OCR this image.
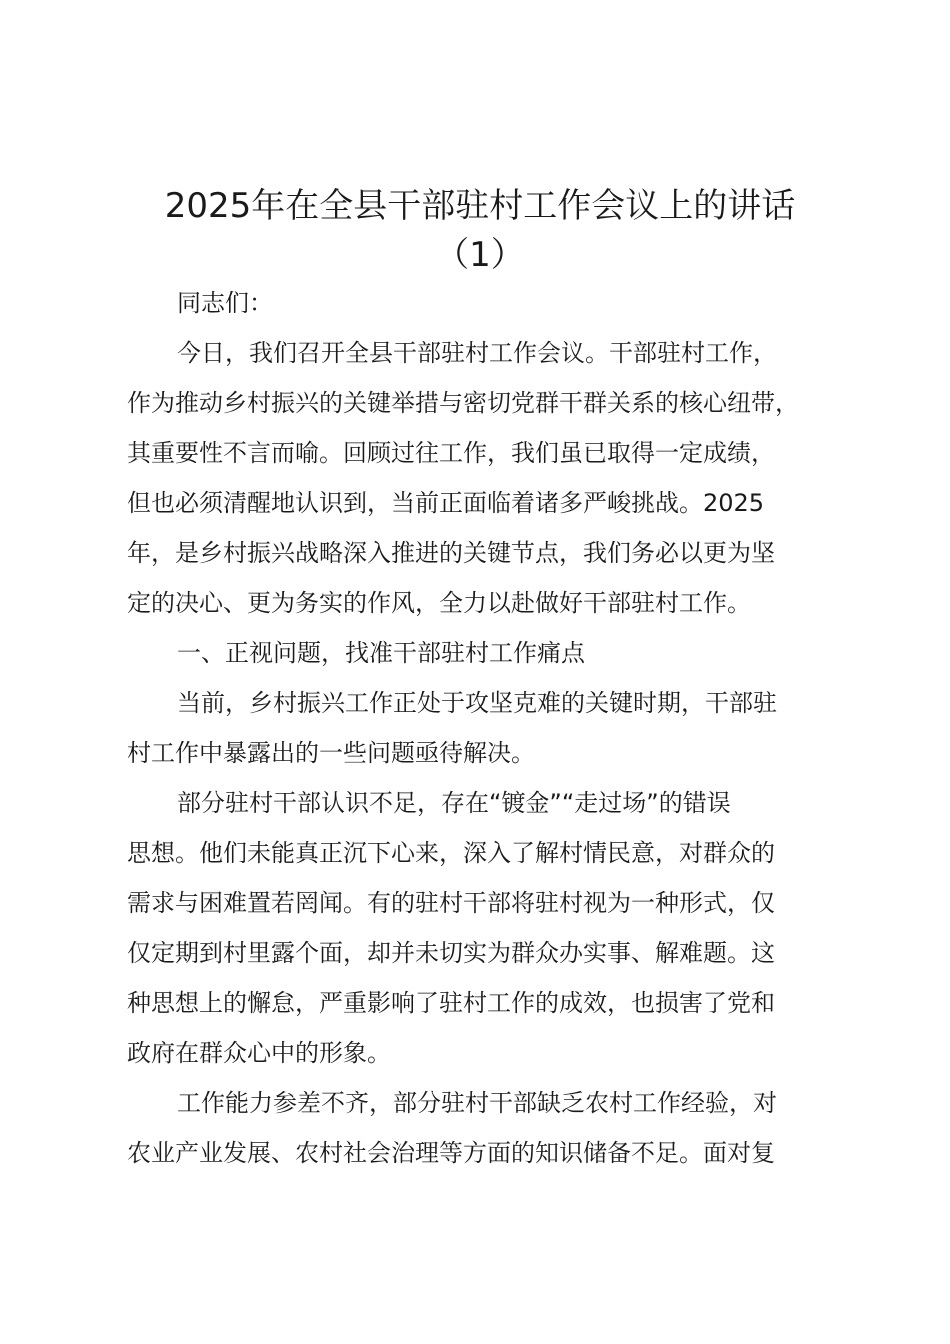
2025年在全县干部驻村工作会议上的讲话
（1）

同志们：

今日，我们召开全县干部驻村工作会议。干部驻村工作，

作为推动乡村振兴的关键举措与密切党群干群关系的核心纽带，

其重要性不言而喻。回顾过往工作，我们虽已取得一定成绩，

但也必须清醒地认识到，当前正面临着诸多严峻挑战。2025

年，是乡村振兴战略深入推进的关键节点，我们务必以更为坚

定的决心、更为务实的作风，全力以赴做好干部驻村工作。

一、正视问题，找准干部驻村工作痛点

当前，乡村振兴工作正处于攻坚克难的关键时期，干部驻

村工作中暴露出的一些问题亟待解决。

部分驻村干部认识不足，存在“镀金”“走过场”的错误

思想。他们未能真正沉下心来，深入了解村情民意，对群众的

需求与困难置若罔闻。有的驻村干部将驻村视为一种形式，仅

仅定期到村里露个面，却并未切实为群众办实事、解难题。这

种思想上的懈怠，严重影响了驻村工作的成效，也损害了党和

政府在群众心中的形象。

工作能力参差不齐，部分驻村干部缺乏农村工作经验，对

农业产业发展、农村社会治理等方面的知识储备不足。面对复
